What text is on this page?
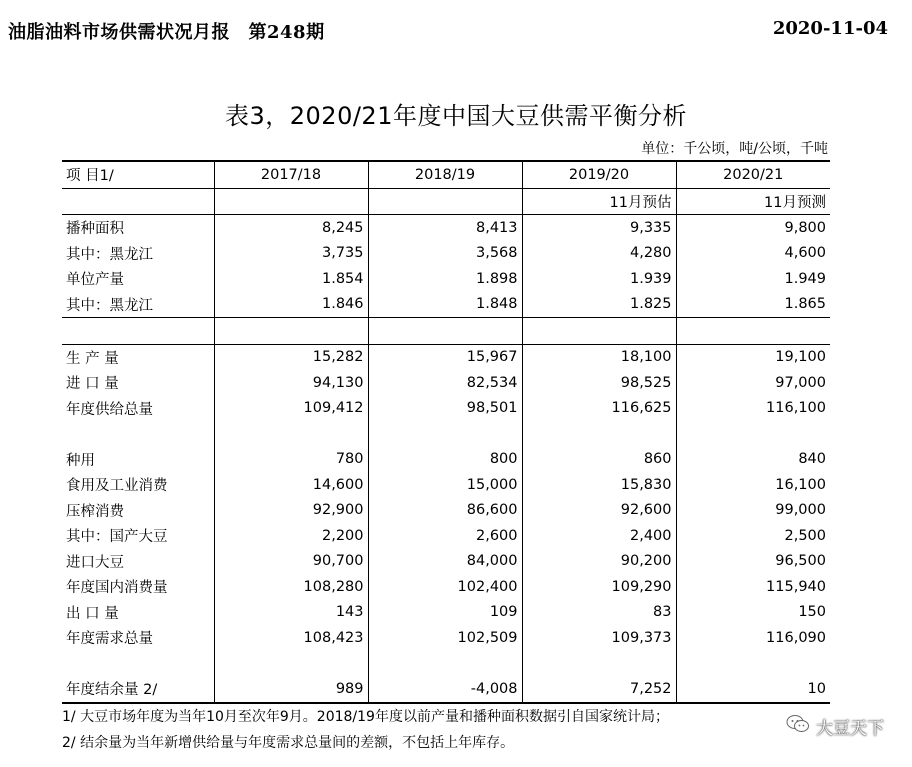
油脂油料市场供需状况月报　第248期	2020-11-04
表3，2020/21年度中国大豆供需平衡分析
单位：千公顷，吨/公顷，千吨
项 目1/	2017/18	2018/19	2019/20	2020/21
			11月预估	11月预测
播种面积	8,245	8,413	9,335	9,800
其中：黑龙江	3,735	3,568	4,280	4,600
单位产量	1.854	1.898	1.939	1.949
其中：黑龙江	1.846	1.848	1.825	1.865

生 产 量	15,282	15,967	18,100	19,100
进 口 量	94,130	82,534	98,525	97,000
年度供给总量	109,412	98,501	116,625	116,100

种用	780	800	860	840
食用及工业消费	14,600	15,000	15,830	16,100
压榨消费	92,900	86,600	92,600	99,000
其中：国产大豆	2,200	2,600	2,400	2,500
进口大豆	90,700	84,000	90,200	96,500
年度国内消费量	108,280	102,400	109,290	115,940
出 口 量	143	109	83	150
年度需求总量	108,423	102,509	109,373	116,090

年度结余量 2/	989	-4,008	7,252	10
1/ 大豆市场年度为当年10月至次年9月。2018/19年度以前产量和播种面积数据引自国家统计局；
2/ 结余量为当年新增供给量与年度需求总量间的差额，不包括上年库存。
大豆天下
